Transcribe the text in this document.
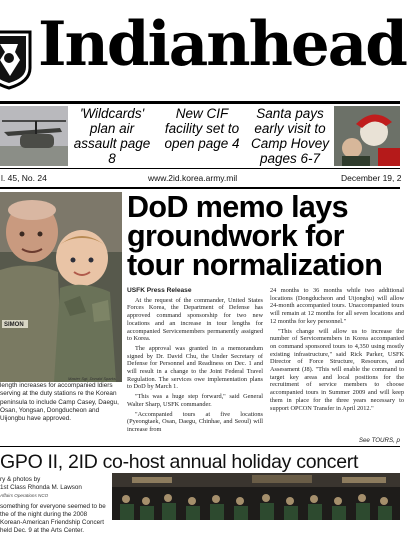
Indianhead
'Wildcards' plan air assault page 8
New CIF facility set to open page 4
Santa pays early visit to Camp Hovey pages 6-7
l. 45, No. 24	www.2id.korea.army.mil	December 19, 2
SIMON
Master Sgt. Donald Sparks
length increases for accompanied ldiers serving at the duty stations re the Korean peninsula to include Camp Casey, Daegu, Osan, Yongsan, Dongducheon and Uijongbu have approved.
DoD memo lays
groundwork for
tour normalization

USFK Press Release

At the request of the commander, United States Forces Korea, the Department of Defense has approved command sponsorship for two new locations and an increase in tour lengths for accompanied Servicemembers permanently assigned to Korea.

The approval was granted in a memorandum signed by Dr. David Chu, the Under Secretary of Defense for Personnel and Readiness on Dec. 1 and will result in a change to the Joint Federal Travel Regulation. The services owe implementation plans to DoD by March 1.

"This was a huge step forward," said General Walter Sharp, USFK commander.

"Accompanied tours at five locations (Pyeongtaek, Osan, Daegu, Chinhae, and Seoul) will increase from

24 months to 36 months while two additional locations (Dongducheon and Uijongbu) will allow 24-month accompanied tours. Unaccompanied tours will remain at 12 months for all seven locations and 12 months for key personnel."

"This change will allow us to increase the number of Servicemembers in Korea accompanied on command sponsored tours to 4,350 using mostly existing infrastructure," said Rick Parker, USFK Director of Force Structure, Resources, and Assessment (J8). "This will enable the command to target key areas and local positions for the recruitment of service members to choose accompanied tours in Summer 2009 and will keep them in place for the three years necessary to support OPCON Transfer in April 2012."

See TOURS, p
GPO II, 2ID co-host annual holiday concert
ry & photos by
1st Class Rhonda M. Lawson
Affairs Operations NCO
something for everyone seemed to be the of the night during the 2008 Korean-American Friendship Concert held Dec. 9 at the Arts Center.
